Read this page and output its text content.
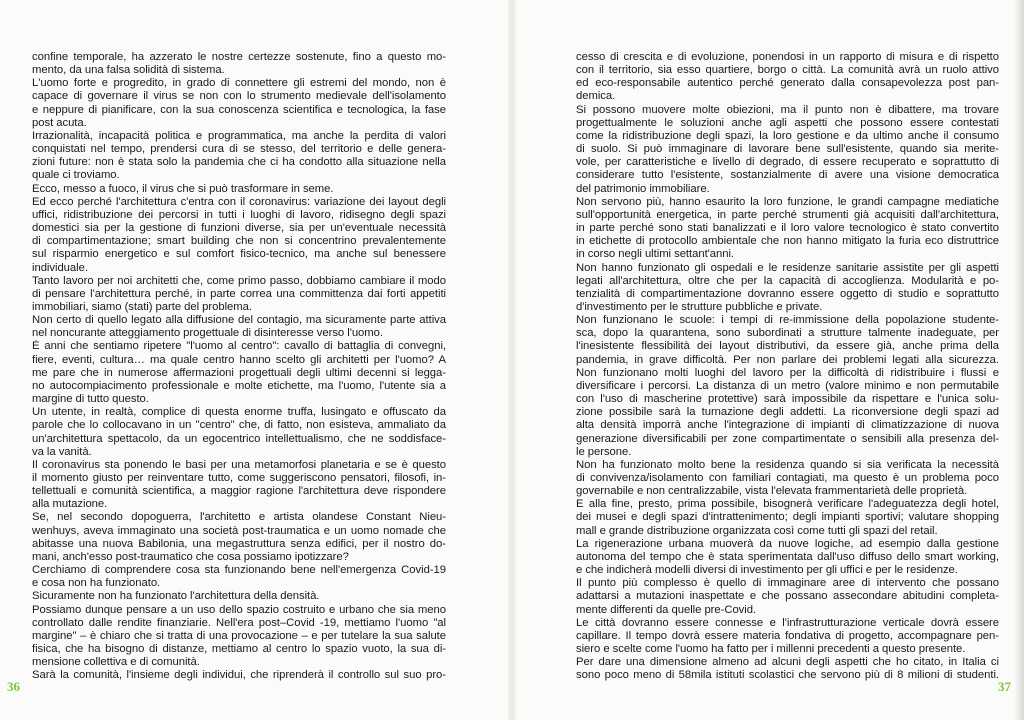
confine temporale, ha azzerato le nostre certezze sostenute, fino a questo mo-
mento, da una falsa solidità di sistema.
L'uomo forte e progredito, in grado di connettere gli estremi del mondo, non è
capace di governare il virus se non con lo strumento medievale dell'isolamento
e neppure di pianificare, con la sua conoscenza scientifica e tecnologica, la fase
post acuta.
Irrazionalità, incapacità politica e programmatica, ma anche la perdita di valori
conquistati nel tempo, prendersi cura di se stesso, del territorio e delle genera-
zioni future: non è stata solo la pandemia che ci ha condotto alla situazione nella
quale ci troviamo.
Ecco, messo a fuoco, il virus che si può trasformare in seme.
Ed ecco perché l'architettura c'entra con il coronavirus: variazione dei layout degli
uffici, ridistribuzione dei percorsi in tutti i luoghi di lavoro, ridisegno degli spazi
domestici sia per la gestione di funzioni diverse, sia per un'eventuale necessità
di compartimentazione; smart building che non si concentrino prevalentemente
sul risparmio energetico e sul comfort fisico-tecnico, ma anche sul benessere
individuale.
Tanto lavoro per noi architetti che, come primo passo, dobbiamo cambiare il modo
di pensare l'architettura perché, in parte correa una committenza dai forti appetiti
immobiliari, siamo (stati) parte del problema.
Non certo di quello legato alla diffusione del contagio, ma sicuramente parte attiva
nel noncurante atteggiamento progettuale di disinteresse verso l'uomo.
È anni che sentiamo ripetere "l'uomo al centro": cavallo di battaglia di convegni,
fiere, eventi, cultura… ma quale centro hanno scelto gli architetti per l'uomo? A
me pare che in numerose affermazioni progettuali degli ultimi decenni si legga-
no autocompiacimento professionale e molte etichette, ma l'uomo, l'utente sia a
margine di tutto questo.
Un utente, in realtà, complice di questa enorme truffa, lusingato e offuscato da
parole che lo collocavano in un "centro" che, di fatto, non esisteva, ammaliato da
un'architettura spettacolo, da un egocentrico intellettualismo, che ne soddisface-
va la vanità.
Il coronavirus sta ponendo le basi per una metamorfosi planetaria e se è questo
il momento giusto per reinventare tutto, come suggeriscono pensatori, filosofi, in-
tellettuali e comunità scientifica, a maggior ragione l'architettura deve rispondere
alla mutazione.
Se, nel secondo dopoguerra, l'architetto e artista olandese Constant Nieu-
wenhuys, aveva immaginato una società post-traumatica e un uomo nomade che
abitasse una nuova Babilonia, una megastruttura senza edifici, per il nostro do-
mani, anch'esso post-traumatico che cosa possiamo ipotizzare?
Cerchiamo di comprendere cosa sta funzionando bene nell'emergenza Covid-19
e cosa non ha funzionato.
Sicuramente non ha funzionato l'architettura della densità.
Possiamo dunque pensare a un uso dello spazio costruito e urbano che sia meno
controllato dalle rendite finanziarie. Nell'era post–Covid -19, mettiamo l'uomo "al
margine" – è chiaro che si tratta di una provocazione – e per tutelare la sua salute
fisica, che ha bisogno di distanze, mettiamo al centro lo spazio vuoto, la sua di-
mensione collettiva e di comunità.
Sarà la comunità, l'insieme degli individui, che riprenderà il controllo sul suo pro-
36
cesso di crescita e di evoluzione, ponendosi in un rapporto di misura e di rispetto
con il territorio, sia esso quartiere, borgo o città. La comunità avrà un ruolo attivo
ed eco-responsabile autentico perché generato dalla consapevolezza post pan-
demica.
Si possono muovere molte obiezioni, ma il punto non è dibattere, ma trovare
progettualmente le soluzioni anche agli aspetti che possono essere contestati
come la ridistribuzione degli spazi, la loro gestione e da ultimo anche il consumo
di suolo. Si può immaginare di lavorare bene sull'esistente, quando sia merite-
vole, per caratteristiche e livello di degrado, di essere recuperato e soprattutto di
considerare tutto l'esistente, sostanzialmente di avere una visione democratica
del patrimonio immobiliare.
Non servono più, hanno esaurito la loro funzione, le grandi campagne mediatiche
sull'opportunità energetica, in parte perché strumenti già acquisiti dall'architettura,
in parte perché sono stati banalizzati e il loro valore tecnologico è stato convertito
in etichette di protocollo ambientale che non hanno mitigato la furia eco distruttrice
in corso negli ultimi settant'anni.
Non hanno funzionato gli ospedali e le residenze sanitarie assistite per gli aspetti
legati all'architettura, oltre che per la capacità di accoglienza. Modularità e po-
tenzialità di compartimentazione dovranno essere oggetto di studio e soprattutto
d'investimento per le strutture pubbliche e private.
Non funzionano le scuole: i tempi di re-immissione della popolazione studente-
sca, dopo la quarantena, sono subordinati a strutture talmente inadeguate, per
l'inesistente flessibilità dei layout distributivi, da essere già, anche prima della
pandemia, in grave difficoltà. Per non parlare dei problemi legati alla sicurezza.
Non funzionano molti luoghi del lavoro per la difficoltà di ridistribuire i flussi e
diversificare i percorsi. La distanza di un metro (valore minimo e non permutabile
con l'uso di mascherine protettive) sarà impossibile da rispettare e l'unica solu-
zione possibile sarà la turnazione degli addetti. La riconversione degli spazi ad
alta densità imporrà anche l'integrazione di impianti di climatizzazione di nuova
generazione diversificabili per zone compartimentate o sensibili alla presenza del-
le persone.
Non ha funzionato molto bene la residenza quando si sia verificata la necessità
di convivenza/isolamento con familiari contagiati, ma questo è un problema poco
governabile e non centralizzabile, vista l'elevata frammentarietà delle proprietà.
E alla fine, presto, prima possibile, bisognerà verificare l'adeguatezza degli hotel,
dei musei e degli spazi d'intrattenimento; degli impianti sportivi; valutare shopping
mall e grande distribuzione organizzata così come tutti gli spazi del retail.
La rigenerazione urbana muoverà da nuove logiche, ad esempio dalla gestione
autonoma del tempo che è stata sperimentata dall'uso diffuso dello smart working,
e che indicherà modelli diversi di investimento per gli uffici e per le residenze.
Il punto più complesso è quello di immaginare aree di intervento che possano
adattarsi a mutazioni inaspettate e che possano assecondare abitudini completa-
mente differenti da quelle pre-Covid.
Le città dovranno essere connesse e l'infrastrutturazione verticale dovrà essere
capillare. Il tempo dovrà essere materia fondativa di progetto, accompagnare pen-
siero e scelte come l'uomo ha fatto per i millenni precedenti a questo presente.
Per dare una dimensione almeno ad alcuni degli aspetti che ho citato, in Italia ci
sono poco meno di 58mila istituti scolastici che servono più di 8 milioni di studenti.
37
